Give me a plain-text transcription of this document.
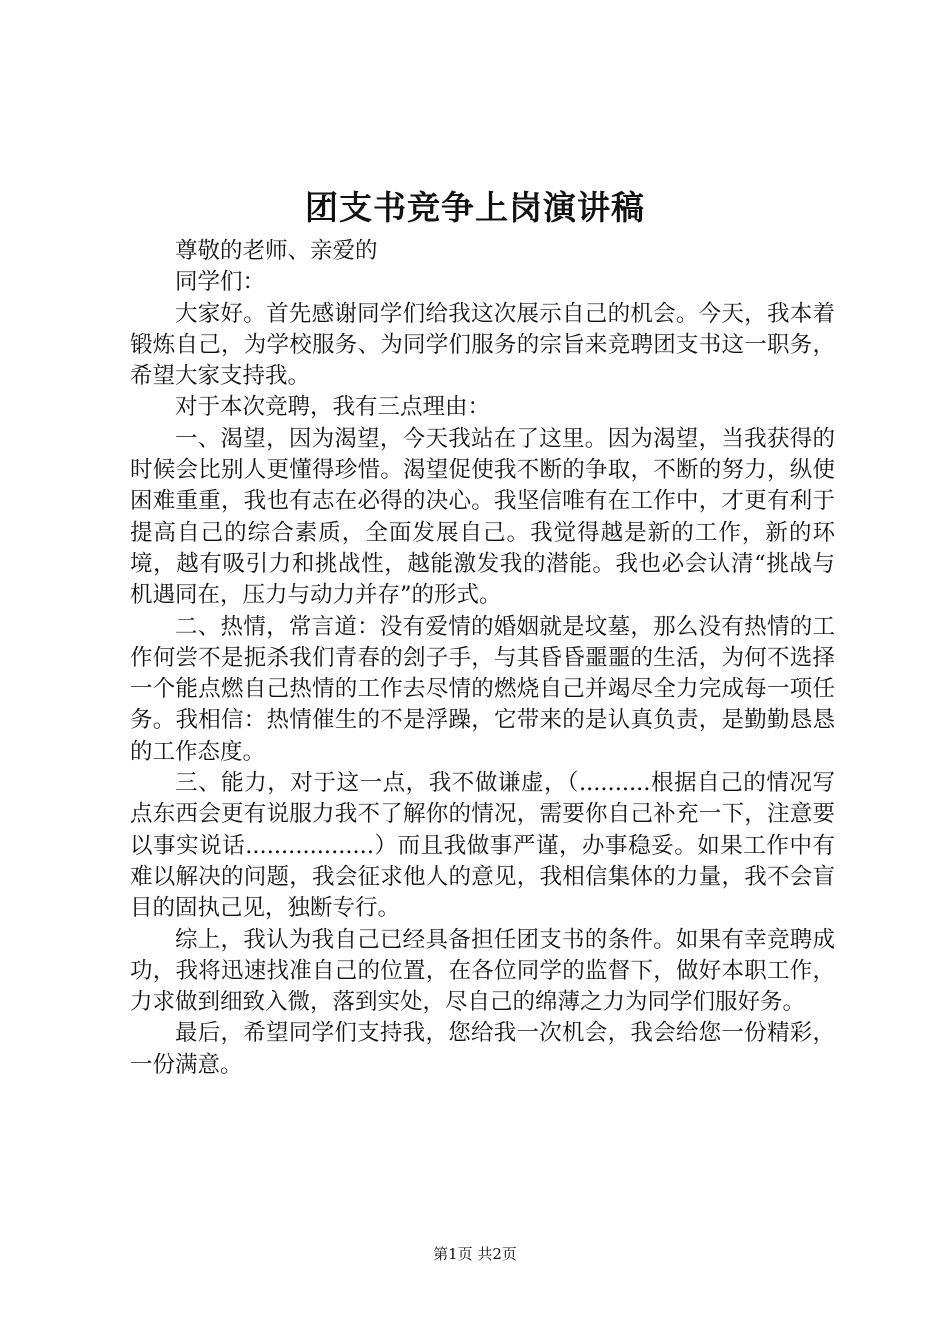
团支书竞争上岗演讲稿

尊敬的老师、亲爱的

同学们：

大家好。首先感谢同学们给我这次展示自己的机会。今天，我本着锻炼自己，为学校服务、为同学们服务的宗旨来竞聘团支书这一职务，希望大家支持我。

对于本次竞聘，我有三点理由：

一、渴望，因为渴望，今天我站在了这里。因为渴望，当我获得的时候会比别人更懂得珍惜。渴望促使我不断的争取，不断的努力，纵使困难重重，我也有志在必得的决心。我坚信唯有在工作中，才更有利于提高自己的综合素质，全面发展自己。我觉得越是新的工作，新的环境，越有吸引力和挑战性，越能激发我的潜能。我也必会认清“挑战与机遇同在，压力与动力并存”的形式。

二、热情，常言道：没有爱情的婚姻就是坟墓，那么没有热情的工作何尝不是扼杀我们青春的刽子手，与其昏昏噩噩的生活，为何不选择一个能点燃自己热情的工作去尽情的燃烧自己并竭尽全力完成每一项任务。我相信：热情催生的不是浮躁，它带来的是认真负责，是勤勤恳恳的工作态度。

三、能力，对于这一点，我不做谦虚，（..........根据自己的情况写点东西会更有说服力我不了解你的情况，需要你自己补充一下，注意要以事实说话..................）而且我做事严谨，办事稳妥。如果工作中有难以解决的问题，我会征求他人的意见，我相信集体的力量，我不会盲目的固执己见，独断专行。

综上，我认为我自己已经具备担任团支书的条件。如果有幸竞聘成功，我将迅速找准自己的位置，在各位同学的监督下，做好本职工作，力求做到细致入微，落到实处，尽自己的绵薄之力为同学们服好务。

最后，希望同学们支持我，您给我一次机会，我会给您一份精彩，一份满意。

第1页 共2页
